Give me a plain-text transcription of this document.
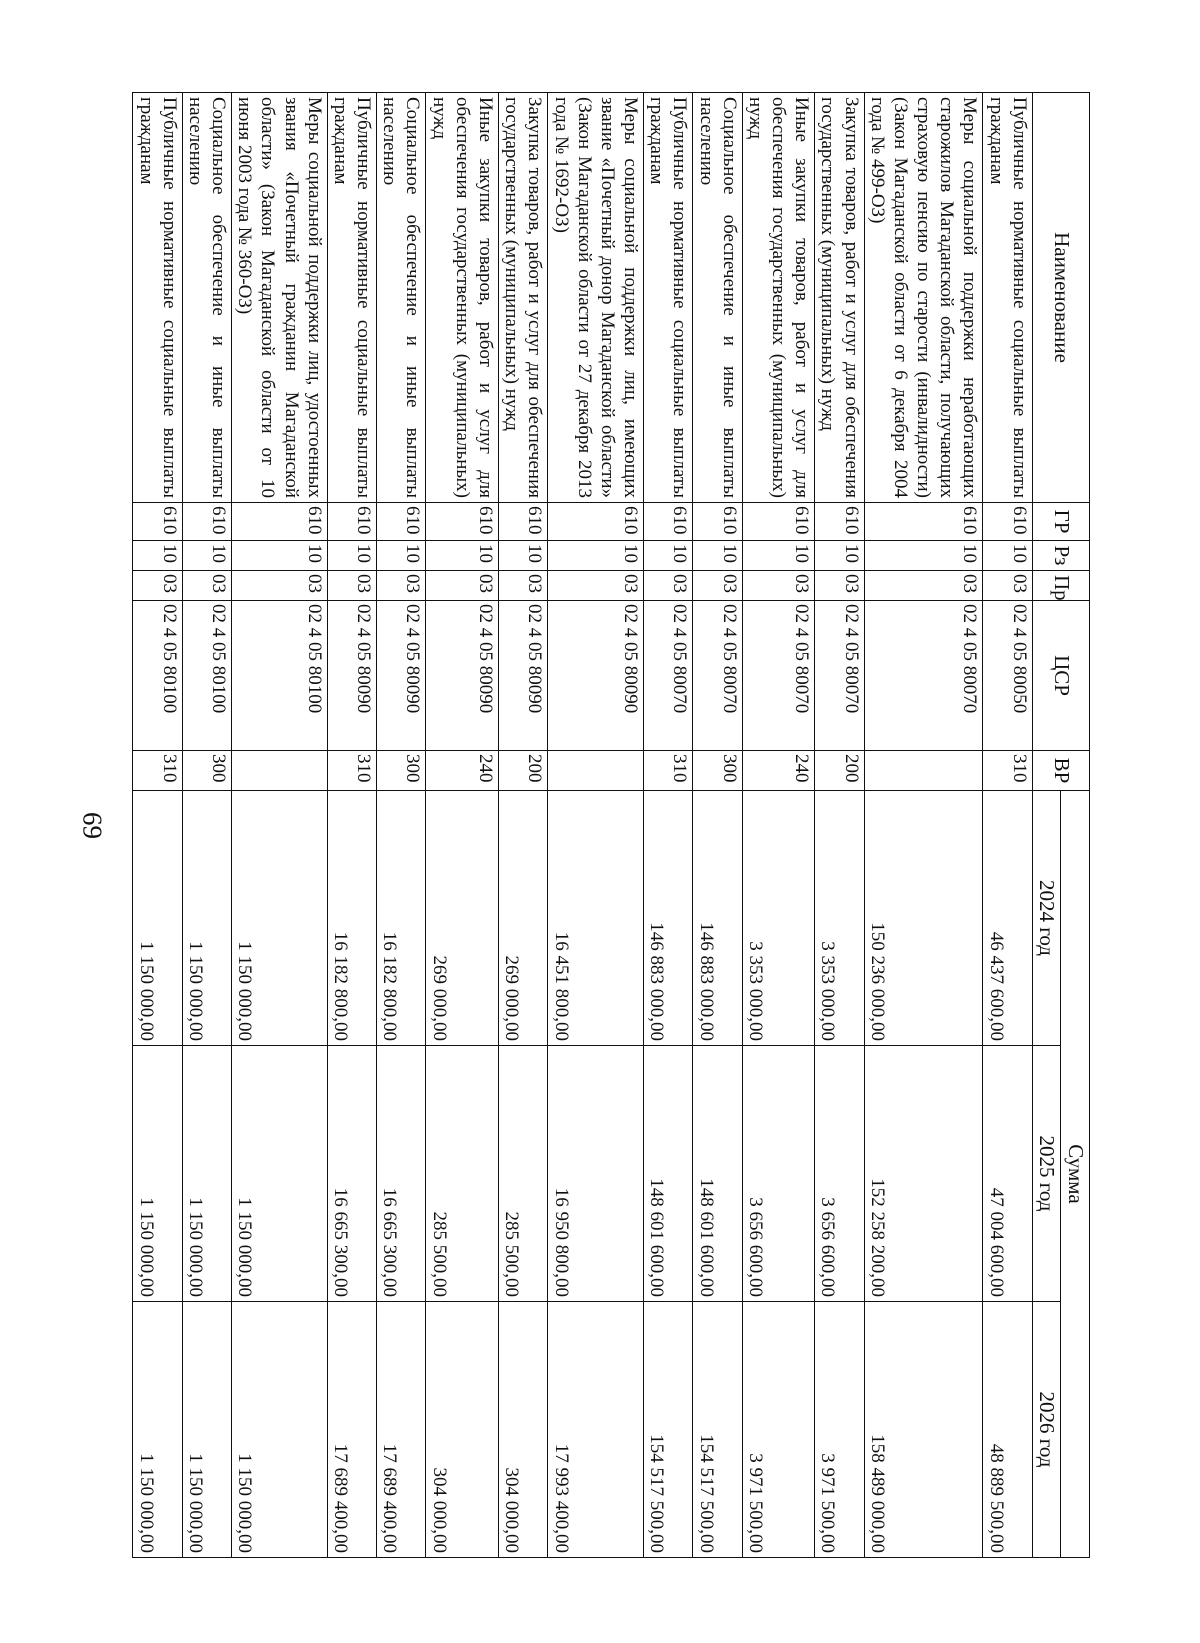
69
Наименование	ГР	Рз	Пр	ЦСР	ВР	Сумма		
						2024 год	2025 год	2026 год
Публичные нормативные социальные выплаты гражданам	610	10	03	02 4 05 80050	310	46 437 600,00	47 004 600,00	48 889 500,00
Меры социальной поддержки неработающих старожилов Магаданской области, получающих страховую пенсию по старости (инвалидности) (Закон Магаданской области от 6 декабря 2004 года № 499-ОЗ)	610	10	03	02 4 05 80070		150 236 000,00	152 258 200,00	158 489 000,00
Закупка товаров, работ и услуг для обеспечения государственных (муниципальных) нужд	610	10	03	02 4 05 80070	200	3 353 000,00	3 656 600,00	3 971 500,00
Иные закупки товаров, работ и услуг для обеспечения государственных (муниципальных) нужд	610	10	03	02 4 05 80070	240	3 353 000,00	3 656 600,00	3 971 500,00
Социальное обеспечение и иные выплаты населению	610	10	03	02 4 05 80070	300	146 883 000,00	148 601 600,00	154 517 500,00
Публичные нормативные социальные выплаты гражданам	610	10	03	02 4 05 80070	310	146 883 000,00	148 601 600,00	154 517 500,00
Меры социальной поддержки лиц, имеющих звание «Почетный донор Магаданской области» (Закон Магаданской области от 27 декабря 2013 года № 1692-ОЗ)	610	10	03	02 4 05 80090		16 451 800,00	16 950 800,00	17 993 400,00
Закупка товаров, работ и услуг для обеспечения государственных (муниципальных) нужд	610	10	03	02 4 05 80090	200	269 000,00	285 500,00	304 000,00
Иные закупки товаров, работ и услуг для обеспечения государственных (муниципальных) нужд	610	10	03	02 4 05 80090	240	269 000,00	285 500,00	304 000,00
Социальное обеспечение и иные выплаты населению	610	10	03	02 4 05 80090	300	16 182 800,00	16 665 300,00	17 689 400,00
Публичные нормативные социальные выплаты гражданам	610	10	03	02 4 05 80090	310	16 182 800,00	16 665 300,00	17 689 400,00
Меры социальной поддержки лиц, удостоенных звания «Почетный гражданин Магаданской области» (Закон Магаданской области от 10 июня 2003 года № 360-ОЗ)	610	10	03	02 4 05 80100		1 150 000,00	1 150 000,00	1 150 000,00
Социальное обеспечение и иные выплаты населению	610	10	03	02 4 05 80100	300	1 150 000,00	1 150 000,00	1 150 000,00
Публичные нормативные социальные выплаты гражданам	610	10	03	02 4 05 80100	310	1 150 000,00	1 150 000,00	1 150 000,00
